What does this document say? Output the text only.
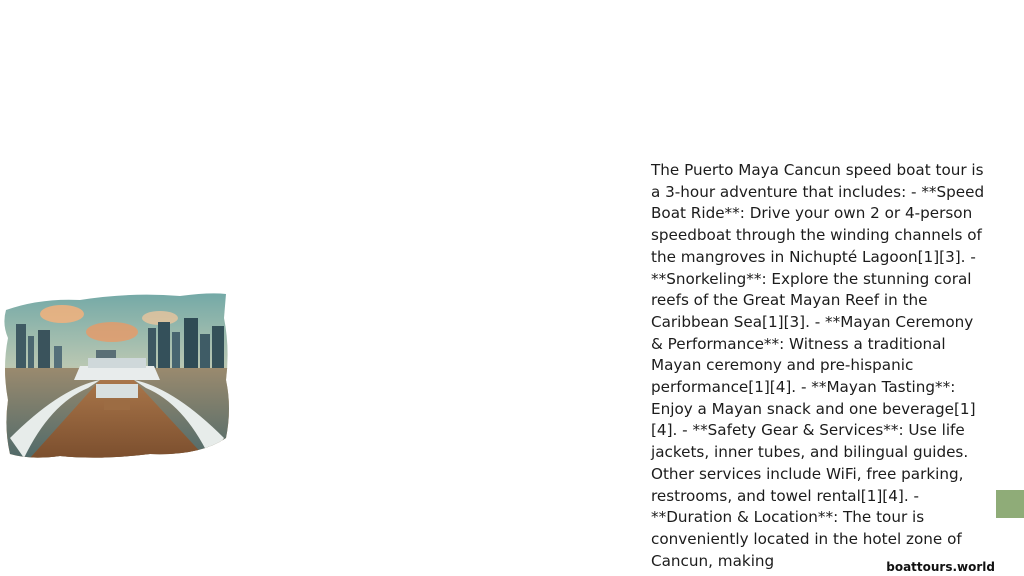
The Puerto Maya Cancun speed boat tour is a 3-hour adventure that includes: - **Speed Boat Ride**: Drive your own 2 or 4-person speedboat through the winding channels of the mangroves in Nichupté Lagoon[1][3]. - **Snorkeling**: Explore the stunning coral reefs of the Great Mayan Reef in the Caribbean Sea[1][3]. - **Mayan Ceremony & Performance**: Witness a traditional Mayan ceremony and pre-hispanic performance[1][4]. - **Mayan Tasting**: Enjoy a Mayan snack and one beverage[1][4]. - **Safety Gear & Services**: Use life jackets, inner tubes, and bilingual guides. Other services include WiFi, free parking, restrooms, and towel rental[1][4]. - **Duration & Location**: The tour is conveniently located in the hotel zone of Cancun, making	boattours.world
